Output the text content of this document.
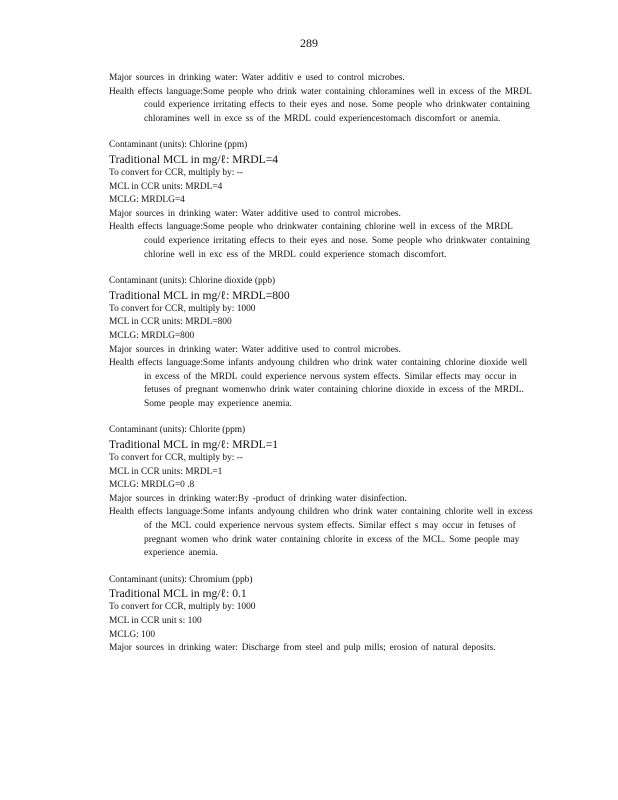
289
Major sources in drinking water: Water additiv e used to control microbes.
Health effects language:Some people who drink water containing chloramines well in excess of the MRDL could experience irritating effects to their eyes and nose. Some people who drinkwater containing chloramines well in exce ss of the MRDL could experiencestomach discomfort or anemia.
Contaminant (units): Chlorine (ppm)
Traditional MCL in mg/ℓ: MRDL=4
To convert for CCR, multiply by: --
MCL in CCR units: MRDL=4
MCLG: MRDLG=4
Major sources in drinking water: Water additive used to control microbes.
Health effects language:Some people who drinkwater containing chlorine well in excess of the MRDL could experience irritating effects to their eyes and nose. Some people who drinkwater containing chlorine well in exc ess of the MRDL could experience stomach discomfort.
Contaminant (units): Chlorine dioxide (ppb)
Traditional MCL in mg/ℓ: MRDL=800
To convert for CCR, multiply by: 1000
MCL in CCR units: MRDL=800
MCLG: MRDLG=800
Major sources in drinking water: Water additive used to control microbes.
Health effects language:Some infants andyoung children who drink water containing chlorine dioxide well in excess of the MRDL could experience nervous system effects. Similar effects may occur in fetuses of pregnant womenwho drink water containing chlorine dioxide in excess of the MRDL. Some people may experience anemia.
Contaminant (units): Chlorite (ppm)
Traditional MCL in mg/ℓ: MRDL=1
To convert for CCR, multiply by: --
MCL in CCR units: MRDL=1
MCLG: MRDLG=0 .8
Major sources in drinking water:By -product of drinking water disinfection.
Health effects language:Some infants andyoung children who drink water containing chlorite well in excess of the MCL could experience nervous system effects. Similar effect s may occur in fetuses of pregnant women who drink water containing chlorite in excess of the MCL. Some people may experience anemia.
Contaminant (units): Chromium (ppb)
Traditional MCL in mg/ℓ: 0.1
To convert for CCR, multiply by: 1000
MCL in CCR unit s: 100
MCLG: 100
Major sources in drinking water: Discharge from steel and pulp mills; erosion of natural deposits.
